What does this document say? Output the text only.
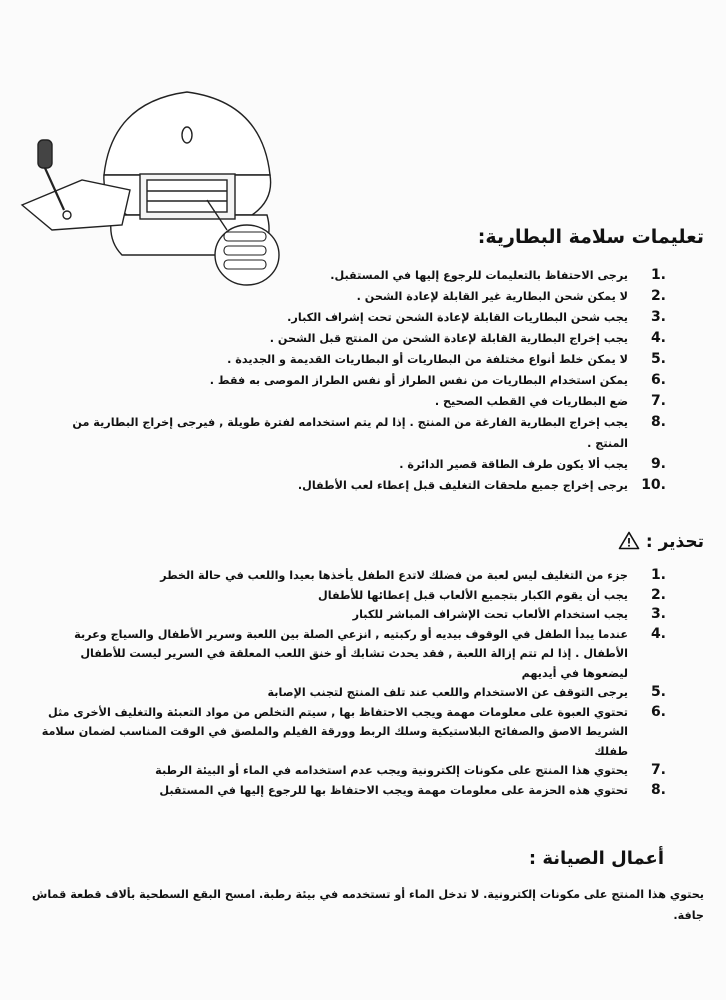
تعليمات سلامة البطارية:
1.
يرجى الاحتفاظ بالتعليمات للرجوع إليها في المستقبل.
2.
لا يمكن شحن البطارية غير القابلة لإعادة الشحن .
3.
يجب شحن البطاريات القابلة لإعادة الشحن تحت إشراف الكبار.
4.
يجب إخراج البطارية القابلة لإعادة الشحن من المنتج قبل الشحن .
5.
لا يمكن خلط أنواع مختلفة من البطاريات أو البطاريات القديمة و الجديدة .
6.
يمكن استخدام البطاريات من نفس الطراز أو نفس الطراز الموصى به فقط .
7.
ضع البطاريات في القطب الصحيح .
8.
يجب إخراج البطارية الفارغة من المنتج . إذا لم يتم استخدامه لفترة طويلة , فيرجى إخراج البطارية من المنتج .
9.
يجب ألا يكون طرف الطاقة قصير الدائرة .
10.
يرجى إخراج جميع ملحقات التغليف قبل إعطاء لعب الأطفال.
تحذير :
1.
جزء من التغليف ليس لعبة من فضلك لاتدع الطفل يأخذها بعيدا واللعب في حالة الخطر
2.
يجب أن يقوم الكبار بتجميع الألعاب قبل إعطائها للأطفال
3.
يجب استخدام الألعاب تحت الإشراف المباشر للكبار
4.
عندما يبدأ الطفل في الوقوف بيديه أو ركبتيه , انزعي الصلة بين اللعبة وسرير الأطفال والسياج وعربة الأطفال . إذا لم تتم إزالة اللعبة , فقد يحدث تشابك أو خنق اللعب المعلقة في السرير ليست للأطفال ليضعوها في أيديهم
5.
يرجى التوقف عن الاستخدام واللعب عند تلف المنتج لتجنب الإصابة
6.
تحتوي العبوة على معلومات مهمة ويجب الاحتفاظ بها , سيتم التخلص من مواد التعبئة والتغليف الأخرى مثل الشريط الاصق والصفائح البلاستيكية وسلك الربط وورقة الفيلم والملصق في الوقت المناسب لضمان سلامة طفلك
7.
يحتوي هذا المنتج على مكونات إلكترونية ويجب عدم استخدامه في الماء أو البيئة الرطبة
8.
تحتوي هذه الحزمة على معلومات مهمة ويجب الاحتفاظ بها للرجوع إليها في المستقبل
أعمال الصيانة :

يحتوي هذا المنتج على مكونات إلكترونية. لا تدخل الماء أو تستخدمه في بيئة رطبة. امسح البقع السطحية بألاف قطعة قماش جافة.
